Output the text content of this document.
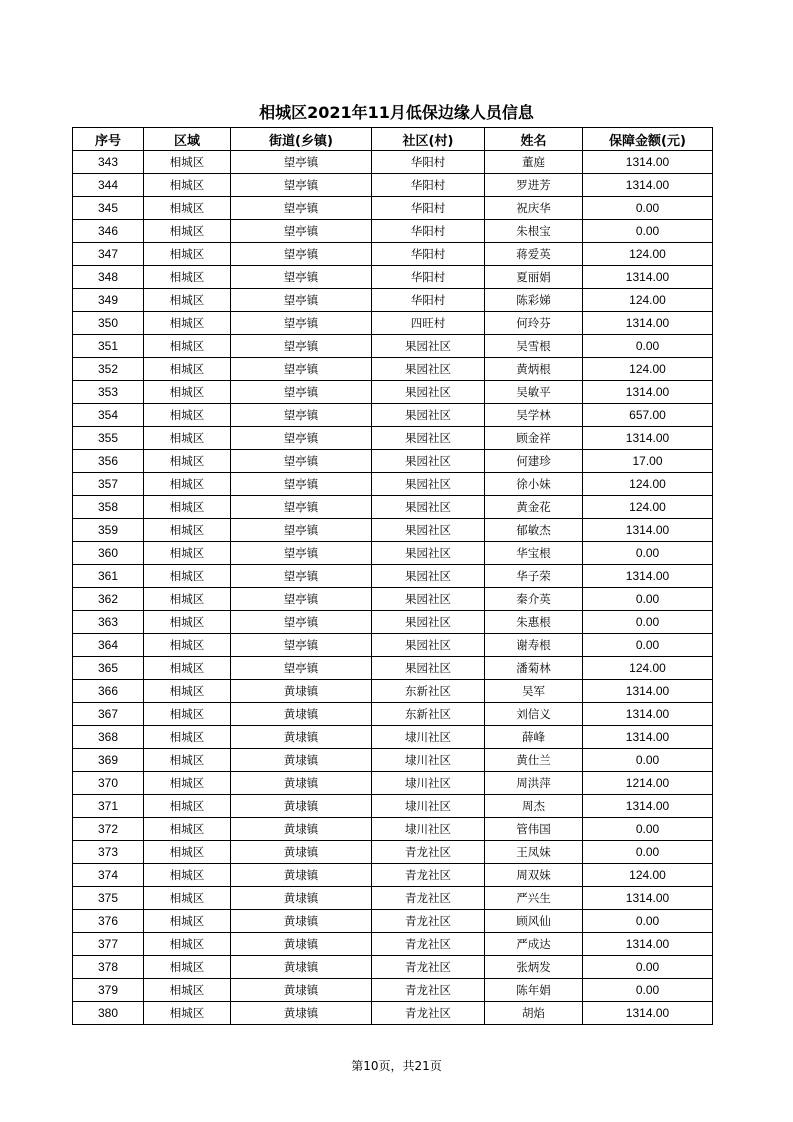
相城区2021年11月低保边缘人员信息
序号	区域	街道(乡镇)	社区(村)	姓名	保障金额(元)
343	相城区	望亭镇	华阳村	董庭	1314.00
344	相城区	望亭镇	华阳村	罗进芳	1314.00
345	相城区	望亭镇	华阳村	祝庆华	0.00
346	相城区	望亭镇	华阳村	朱根宝	0.00
347	相城区	望亭镇	华阳村	蒋爱英	124.00
348	相城区	望亭镇	华阳村	夏丽娟	1314.00
349	相城区	望亭镇	华阳村	陈彩娣	124.00
350	相城区	望亭镇	四旺村	何玲芬	1314.00
351	相城区	望亭镇	果园社区	吴雪根	0.00
352	相城区	望亭镇	果园社区	黄炳根	124.00
353	相城区	望亭镇	果园社区	吴敏平	1314.00
354	相城区	望亭镇	果园社区	吴学林	657.00
355	相城区	望亭镇	果园社区	顾金祥	1314.00
356	相城区	望亭镇	果园社区	何建珍	17.00
357	相城区	望亭镇	果园社区	徐小妹	124.00
358	相城区	望亭镇	果园社区	黄金花	124.00
359	相城区	望亭镇	果园社区	郁敏杰	1314.00
360	相城区	望亭镇	果园社区	华宝根	0.00
361	相城区	望亭镇	果园社区	华子荣	1314.00
362	相城区	望亭镇	果园社区	秦介英	0.00
363	相城区	望亭镇	果园社区	朱惠根	0.00
364	相城区	望亭镇	果园社区	谢寿根	0.00
365	相城区	望亭镇	果园社区	潘菊林	124.00
366	相城区	黄埭镇	东新社区	吴军	1314.00
367	相城区	黄埭镇	东新社区	刘信义	1314.00
368	相城区	黄埭镇	埭川社区	薛峰	1314.00
369	相城区	黄埭镇	埭川社区	黄仕兰	0.00
370	相城区	黄埭镇	埭川社区	周洪萍	1214.00
371	相城区	黄埭镇	埭川社区	周杰	1314.00
372	相城区	黄埭镇	埭川社区	管伟国	0.00
373	相城区	黄埭镇	青龙社区	王凤妹	0.00
374	相城区	黄埭镇	青龙社区	周双妹	124.00
375	相城区	黄埭镇	青龙社区	严兴生	1314.00
376	相城区	黄埭镇	青龙社区	顾风仙	0.00
377	相城区	黄埭镇	青龙社区	严成达	1314.00
378	相城区	黄埭镇	青龙社区	张炳发	0.00
379	相城区	黄埭镇	青龙社区	陈年娟	0.00
380	相城区	黄埭镇	青龙社区	胡焰	1314.00
第10页，共21页
